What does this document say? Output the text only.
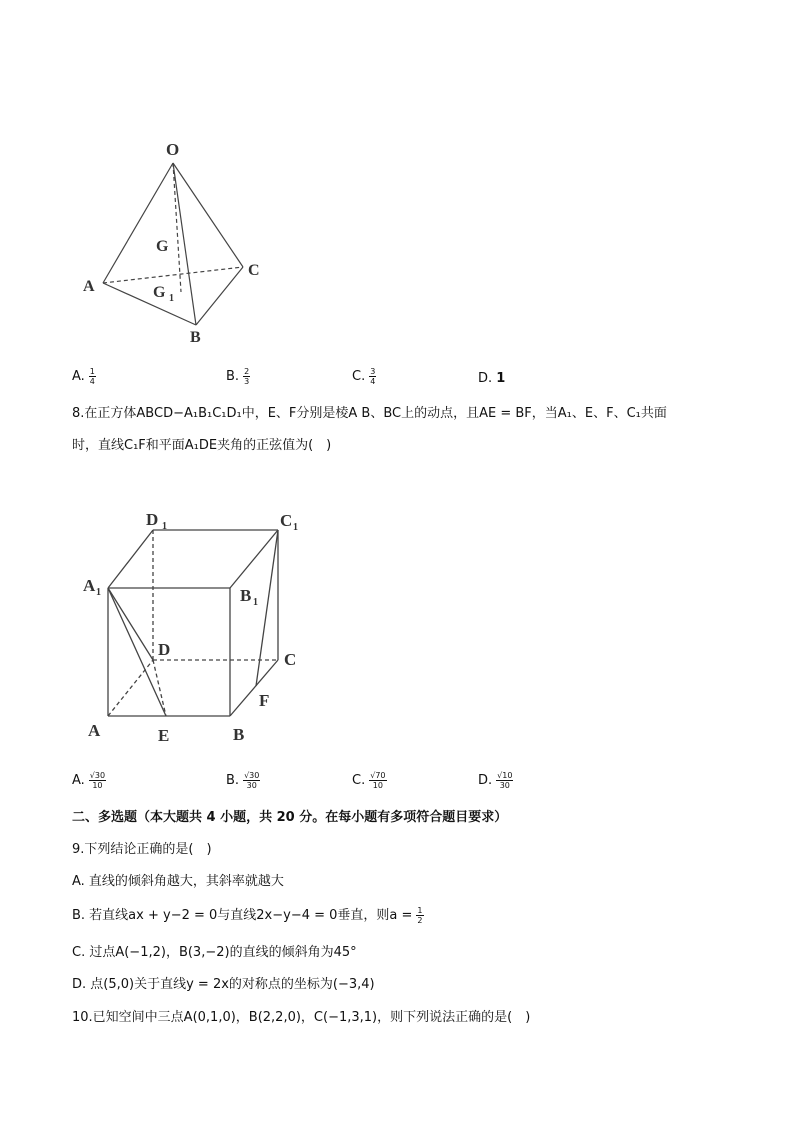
O
G
G 1
A
B
C
A. $\frac{1}{4}$	B. $\frac{2}{3}$	C. $\frac{3}{4}$	D. 1
8.在正方体ABCD−A₁B₁C₁D₁中，E、F分别是棱A B、BC上的动点，且AE = BF，当A₁、E、F、C₁共面
时，直线C₁F和平面A₁DE夹角的正弦值为(　)
D 1	C 1
A 1	B 1
D
C
A	E	B
F
A. $\frac{√30}{10}$	B. $\frac{√30}{30}$	C. $\frac{√70}{10}$	D. $\frac{√10}{30}$
二、多选题（本大题共 4 小题，共 20 分。在每小题有多项符合题目要求）
9.下列结论正确的是(　)
A. 直线的倾斜角越大，其斜率就越大
B. 若直线ax + y−2 = 0与直线2x−y−4 = 0垂直，则$a = \frac{1}{2}$
C. 过点A(−1,2)，B(3,−2)的直线的倾斜角为45°
D. 点(5,0)关于直线y = 2x的对称点的坐标为(−3,4)
10.已知空间中三点A(0,1,0)，B(2,2,0)，C(−1,3,1)，则下列说法正确的是(　)
